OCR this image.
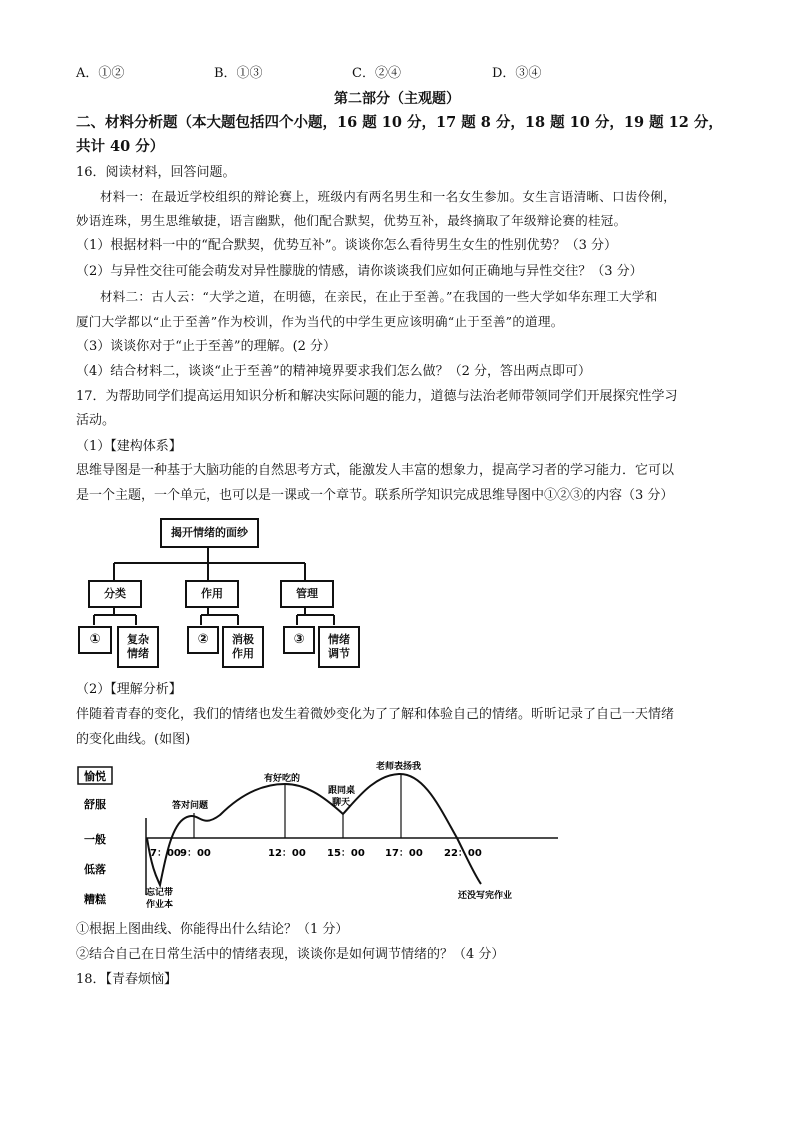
A．①②	B．①③	C．②④	D．③④
第二部分（主观题）
二、材料分析题（本大题包括四个小题，16 题 10 分，17 题 8 分，18 题 10 分，19 题 12 分，
共计 40 分）
16．阅读材料，回答问题。
材料一：在最近学校组织的辩论赛上，班级内有两名男生和一名女生参加。女生言语清晰、口齿伶俐，
妙语连珠，男生思维敏捷，语言幽默，他们配合默契，优势互补，最终摘取了年级辩论赛的桂冠。
（1）根据材料一中的“配合默契，优势互补”。谈谈你怎么看待男生女生的性别优势？（3 分）
（2）与异性交往可能会萌发对异性朦胧的情感，请你谈谈我们应如何正确地与异性交往？（3 分）
材料二：古人云：“大学之道，在明德，在亲民，在止于至善。”在我国的一些大学如华东理工大学和
厦门大学都以“止于至善”作为校训，作为当代的中学生更应该明确“止于至善”的道理。
（3）谈谈你对于“止于至善”的理解。(2 分）
（4）结合材料二，谈谈“止于至善”的精神境界要求我们怎么做？（2 分，答出两点即可）
17．为帮助同学们提高运用知识分析和解决实际问题的能力，道德与法治老师带领同学们开展探究性学习
活动。
（1）【建构体系】
思维导图是一种基于大脑功能的自然思考方式，能激发人丰富的想象力，提高学习者的学习能力．它可以
是一个主题，一个单元，也可以是一课或一个章节。联系所学知识完成思维导图中①②③的内容（3 分）
揭开情绪的面纱
分类	作用	管理
①	复杂
情绪
②	消极
作用
③	情绪
调节
（2）【理解分析】
伴随着青春的变化，我们的情绪也发生着微妙变化为了了解和体验自己的情绪。昕昕记录了自己一天情绪
的变化曲线。(如图)
愉悦
舒服
一般
低落
糟糕
7：00 9：00	12：00 15：00 17：00 22：00
答对问题
有好吃的
跟同桌
聊天
老师表扬我
忘记带
作业本
还没写完作业
①根据上图曲线、你能得出什么结论？（1 分）
②结合自己在日常生活中的情绪表现，谈谈你是如何调节情绪的？（4 分）
18．【青春烦恼】
